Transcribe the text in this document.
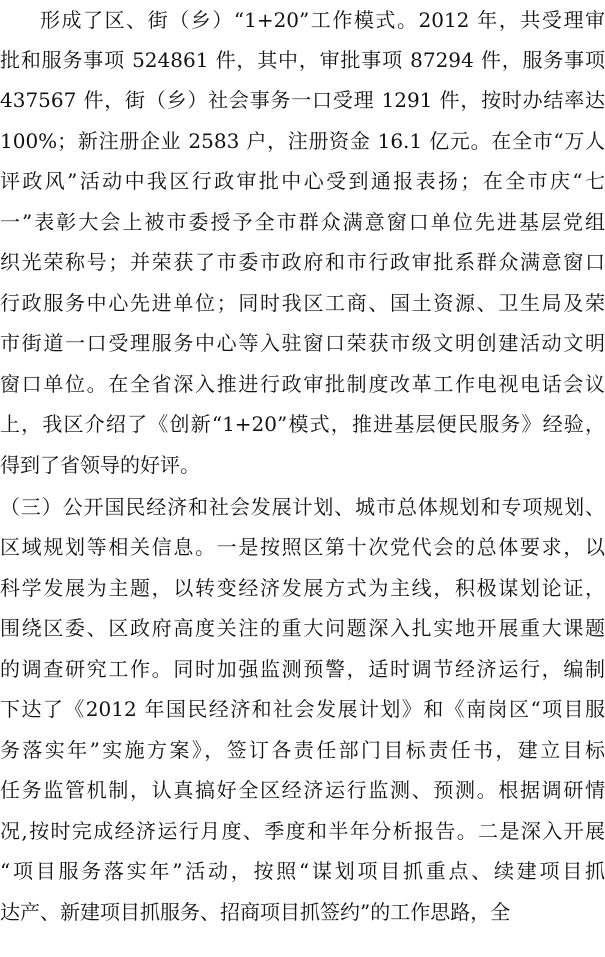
形成了区、街（乡）“1+20”工作模式。2012 年，共受理审
批和服务事项 524861 件，其中，审批事项 87294 件，服务事项
437567 件，街（乡）社会事务一口受理 1291 件，按时办结率达
100%；新注册企业 2583 户，注册资金 16.1 亿元。在全市“万人
评政风”活动中我区行政审批中心受到通报表扬；在全市庆“七
一”表彰大会上被市委授予全市群众满意窗口单位先进基层党组
织光荣称号；并荣获了市委市政府和市行政审批系群众满意窗口
行政服务中心先进单位；同时我区工商、国土资源、卫生局及荣
市街道一口受理服务中心等入驻窗口荣获市级文明创建活动文明
窗口单位。在全省深入推进行政审批制度改革工作电视电话会议
上，我区介绍了《创新“1+20”模式，推进基层便民服务》经验，
得到了省领导的好评。
（三）公开国民经济和社会发展计划、城市总体规划和专项规划、
区域规划等相关信息。一是按照区第十次党代会的总体要求，以
科学发展为主题，以转变经济发展方式为主线，积极谋划论证，
围绕区委、区政府高度关注的重大问题深入扎实地开展重大课题
的调查研究工作。同时加强监测预警，适时调节经济运行，编制
下达了《2012 年国民经济和社会发展计划》和《南岗区“项目服
务落实年”实施方案》，签订各责任部门目标责任书，建立目标
任务监管机制，认真搞好全区经济运行监测、预测。根据调研情
况,按时完成经济运行月度、季度和半年分析报告。二是深入开展
“项目服务落实年”活动，按照“谋划项目抓重点、续建项目抓
达产、新建项目抓服务、招商项目抓签约”的工作思路，全
